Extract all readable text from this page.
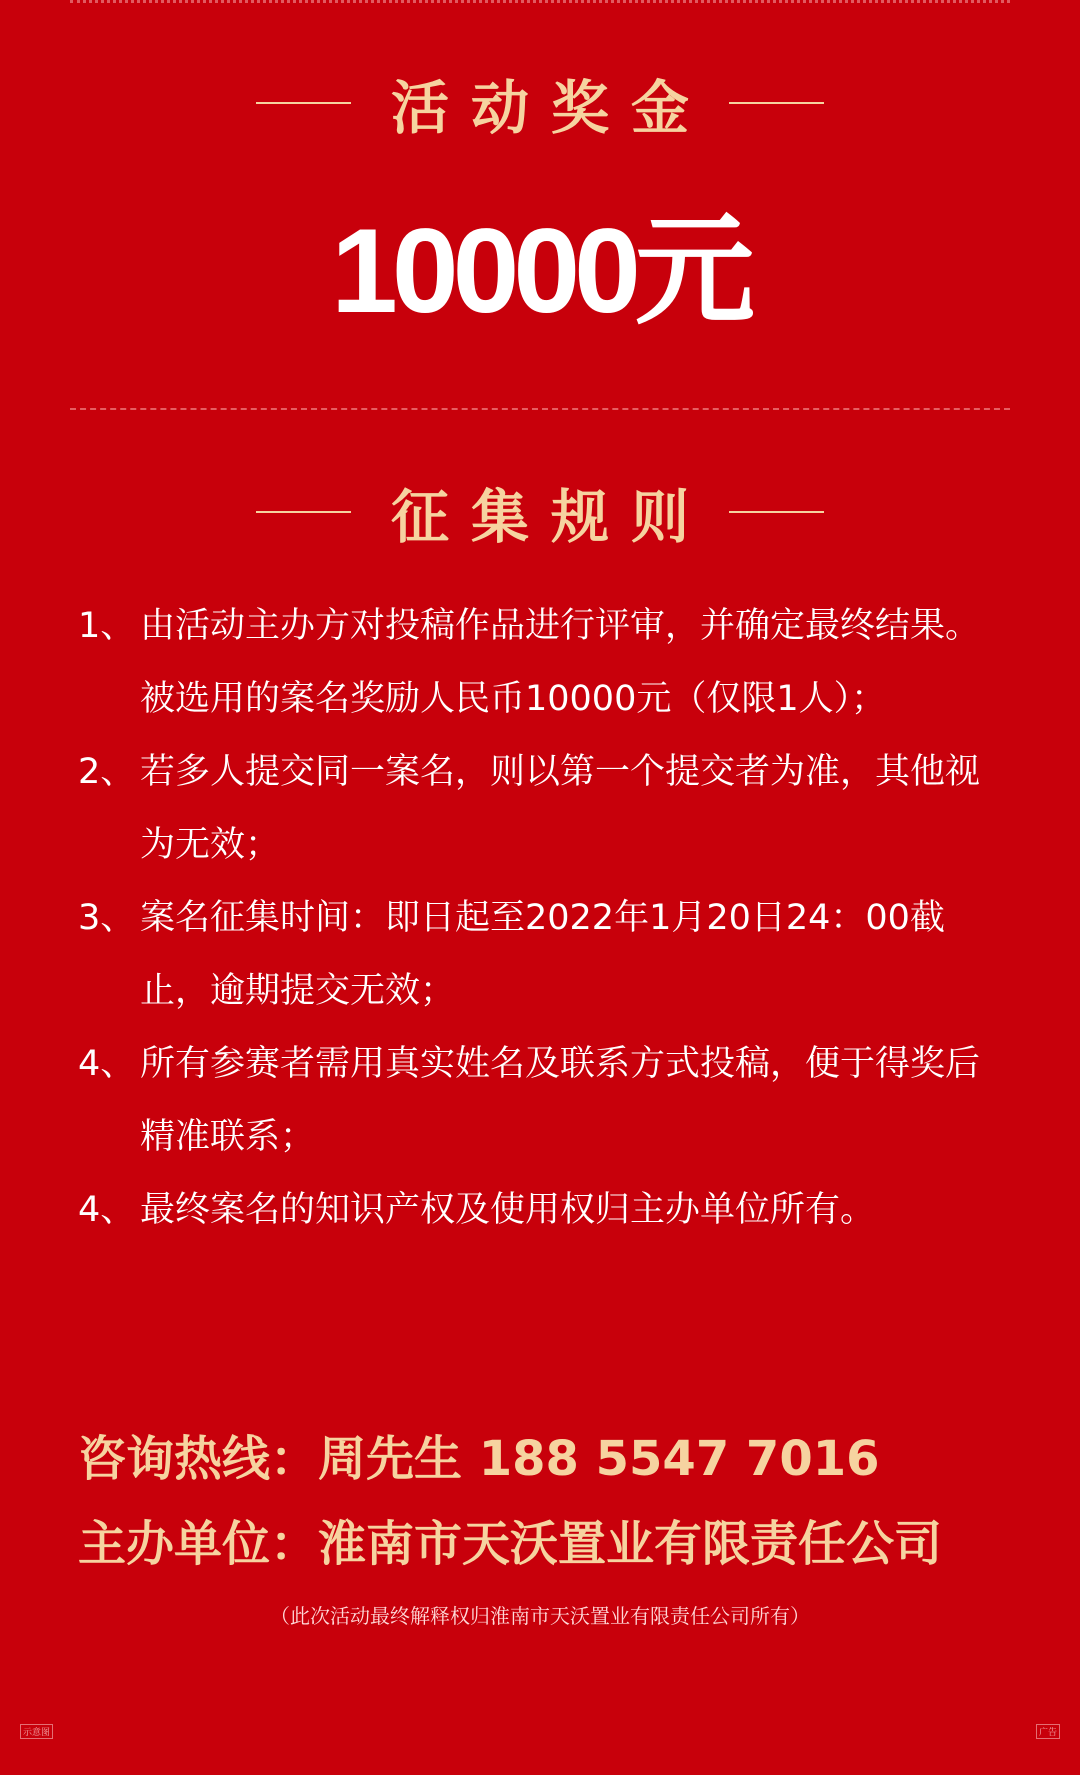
活动奖金
10000元
征集规则
1、 由活动主办方对投稿作品进行评审，并确定最终结果。被选用的案名奖励人民币10000元（仅限1人）；
2、 若多人提交同一案名，则以第一个提交者为准，其他视为无效；
3、 案名征集时间：即日起至2022年1月20日24：00截止，逾期提交无效；
4、 所有参赛者需用真实姓名及联系方式投稿，便于得奖后精准联系；
4、 最终案名的知识产权及使用权归主办单位所有。
咨询热线：周先生 188 5547 7016
主办单位：淮南市天沃置业有限责任公司
（此次活动最终解释权归淮南市天沃置业有限责任公司所有）
示意图	广告
